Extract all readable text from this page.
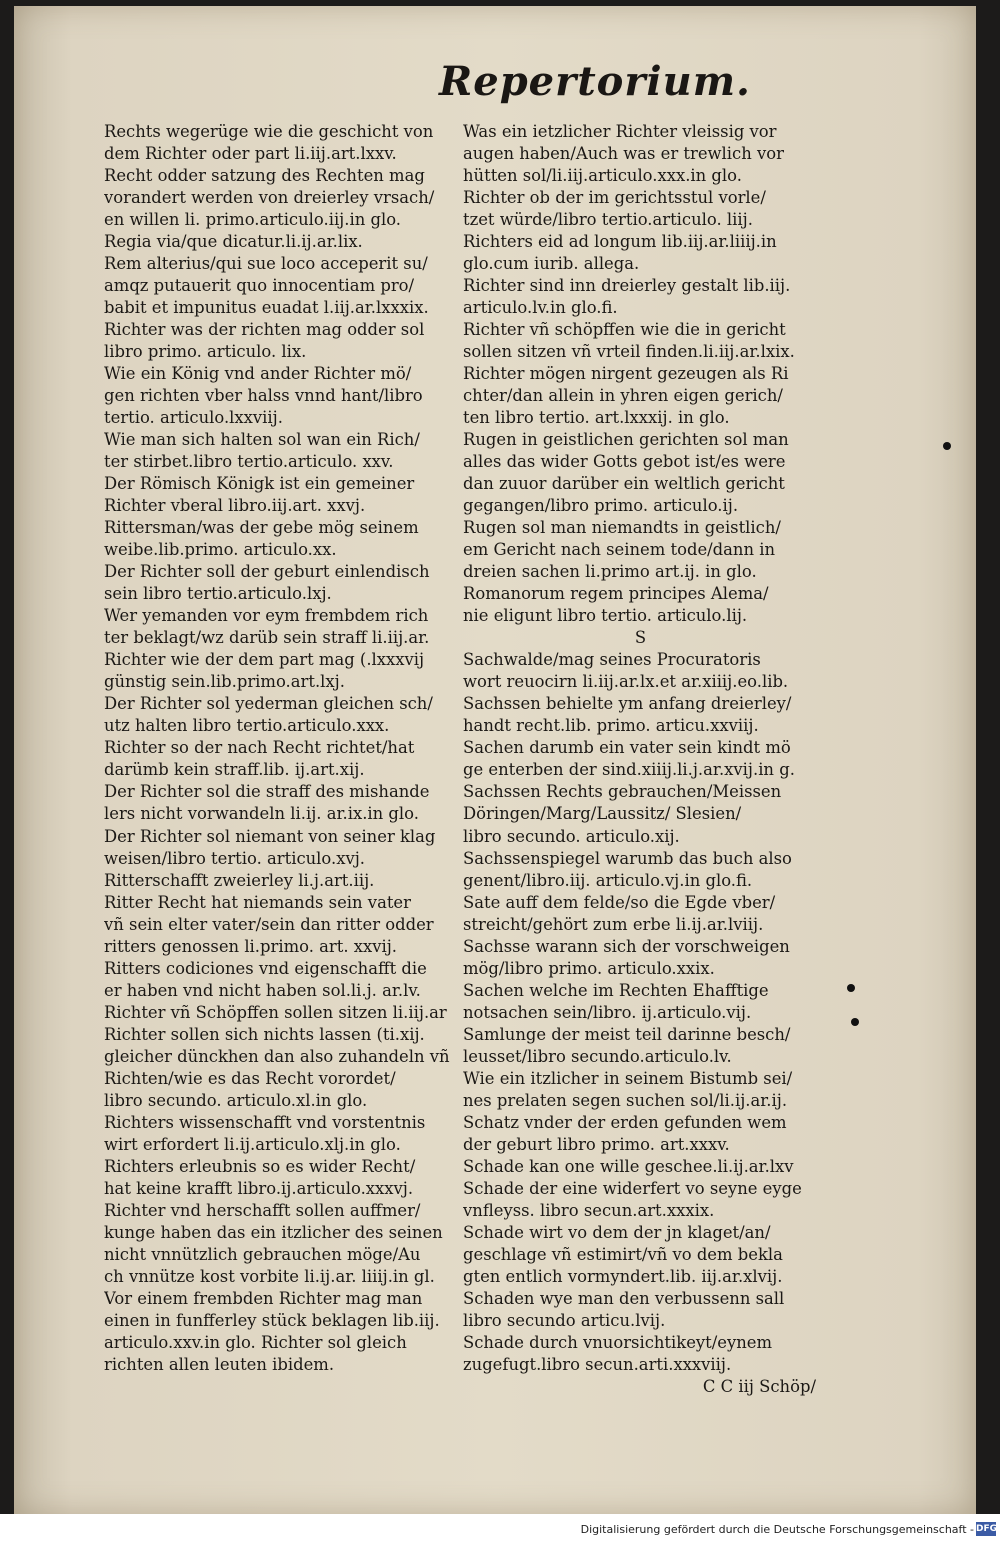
Repertorium.
Rechts wegerüge wie die geschicht von
dem Richter oder part li.iij.art.lxxv.
Recht odder satzung des Rechten mag
vorandert werden von dreierley vrsach/
en willen li. primo.articulo.iij.in glo.
Regia via/que dicatur.li.ij.ar.lix.
Rem alterius/qui sue loco acceperit su/
amqz putauerit quo innocentiam pro/
babit et impunitus euadat l.iij.ar.lxxxix.
Richter was der richten mag odder sol
libro primo. articulo. lix.
Wie ein König vnd ander Richter mö/
gen richten vber halss vnnd hant/libro
tertio. articulo.lxxviij.
Wie man sich halten sol wan ein Rich/
ter stirbet.libro tertio.articulo. xxv.
Der Römisch Königk ist ein gemeiner
Richter vberal libro.iij.art. xxvj.
Rittersman/was der gebe mög seinem
weibe.lib.primo. articulo.xx.
Der Richter soll der geburt einlendisch
sein libro tertio.articulo.lxj.
Wer yemanden vor eym frembdem rich
ter beklagt/wz darüb sein straff li.iij.ar.
Richter wie der dem part mag (.lxxxvij
günstig sein.lib.primo.art.lxj.
Der Richter sol yederman gleichen sch/
utz halten libro tertio.articulo.xxx.
Richter so der nach Recht richtet/hat
darümb kein straff.lib. ij.art.xij.
Der Richter sol die straff des mishande
lers nicht vorwandeln li.ij. ar.ix.in glo.
Der Richter sol niemant von seiner klag
weisen/libro tertio. articulo.xvj.
Ritterschafft zweierley li.j.art.iij.
Ritter Recht hat niemands sein vater
vñ sein elter vater/sein dan ritter odder
ritters genossen li.primo. art. xxvij.
Ritters codiciones vnd eigenschafft die
er haben vnd nicht haben sol.li.j. ar.lv.
Richter vñ Schöpffen sollen sitzen li.iij.ar
Richter sollen sich nichts lassen (ti.xij.
gleicher dünckhen dan also zuhandeln vñ
Richten/wie es das Recht vorordet/
libro secundo. articulo.xl.in glo.
Richters wissenschafft vnd vorstentnis
wirt erfordert li.ij.articulo.xlj.in glo.
Richters erleubnis so es wider Recht/
hat keine krafft libro.ij.articulo.xxxvj.
Richter vnd herschafft sollen auffmer/
kunge haben das ein itzlicher des seinen
nicht vnnützlich gebrauchen möge/Au
ch vnnütze kost vorbite li.ij.ar. liiij.in gl.
Vor einem frembden Richter mag man
einen in funfferley stück beklagen lib.iij.
articulo.xxv.in glo. Richter sol gleich
richten allen leuten ibidem.
Was ein ietzlicher Richter vleissig vor
augen haben/Auch was er trewlich vor
hütten sol/li.iij.articulo.xxx.in glo.
Richter ob der im gerichtsstul vorle/
tzet würde/libro tertio.articulo. liij.
Richters eid ad longum lib.iij.ar.liiij.in
glo.cum iurib. allega.
Richter sind inn dreierley gestalt lib.iij.
articulo.lv.in glo.fi.
Richter vñ schöpffen wie die in gericht
sollen sitzen vñ vrteil finden.li.iij.ar.lxix.
Richter mögen nirgent gezeugen als Ri
chter/dan allein in yhren eigen gerich/
ten libro tertio. art.lxxxij. in glo.
Rugen in geistlichen gerichten sol man
alles das wider Gotts gebot ist/es were
dan zuuor darüber ein weltlich gericht
gegangen/libro primo. articulo.ij.
Rugen sol man niemandts in geistlich/
em Gericht nach seinem tode/dann in
dreien sachen li.primo art.ij. in glo.
Romanorum regem principes Alema/
nie eligunt libro tertio. articulo.lij.
S
Sachwalde/mag seines Procuratoris
wort reuocirn li.iij.ar.lx.et ar.xiiij.eo.lib.
Sachssen behielte ym anfang dreierley/
handt recht.lib. primo. articu.xxviij.
Sachen darumb ein vater sein kindt mö
ge enterben der sind.xiiij.li.j.ar.xvij.in g.
Sachssen Rechts gebrauchen/Meissen
Döringen/Marg/Laussitz/ Slesien/
libro secundo. articulo.xij.
Sachssenspiegel warumb das buch also
genent/libro.iij. articulo.vj.in glo.fi.
Sate auff dem felde/so die Egde vber/
streicht/gehört zum erbe li.ij.ar.lviij.
Sachsse warann sich der vorschweigen
mög/libro primo. articulo.xxix.
Sachen welche im Rechten Ehafftige
notsachen sein/libro. ij.articulo.vij.
Samlunge der meist teil darinne besch/
leusset/libro secundo.articulo.lv.
Wie ein itzlicher in seinem Bistumb sei/
nes prelaten segen suchen sol/li.ij.ar.ij.
Schatz vnder der erden gefunden wem
der geburt libro primo. art.xxxv.
Schade kan one wille geschee.li.ij.ar.lxv
Schade der eine widerfert vo seyne eyge
vnfleyss. libro secun.art.xxxix.
Schade wirt vo dem der jn klaget/an/
geschlage vñ estimirt/vñ vo dem bekla
gten entlich vormyndert.lib. iij.ar.xlvij.
Schaden wye man den verbussenn sall
libro secundo articu.lvij.
Schade durch vnuorsichtikeyt/eynem
zugefugt.libro secun.arti.xxxviij.
C C iij Schöp/
Digitalisierung gefördert durch die Deutsche Forschungsgemeinschaft - DFG
